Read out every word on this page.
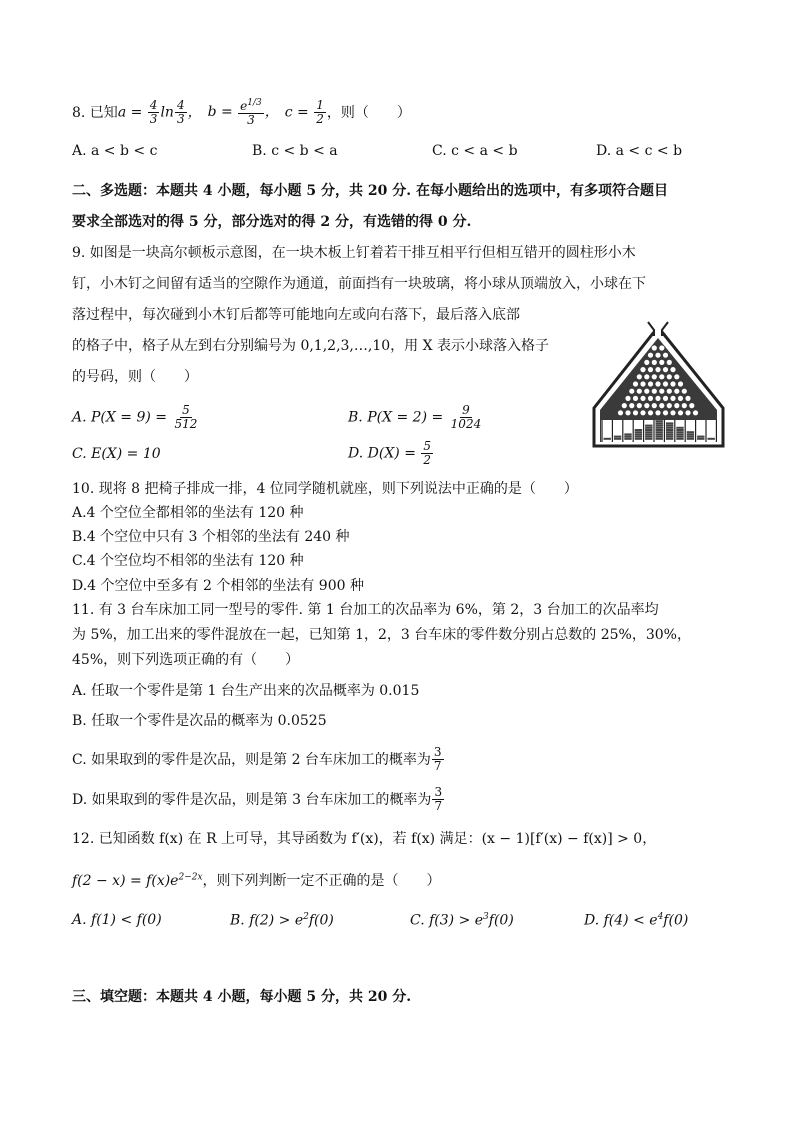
8. 已知 $a = \frac{4}{3}$ $\ln \frac{4}{3}$ ， $b = \frac{e^{1/3}}{3}$ ， $c = \frac{1}{2}$ ，则（　　）
A. a < b < c	B. c < b < a	C. c < a < b	D. a < c < b
二、多选题：本题共 4 小题，每小题 5 分，共 20 分. 在每小题给出的选项中，有多项符合题目
要求全部选对的得 5 分，部分选对的得 2 分，有选错的得 0 分.
9. 如图是一块高尔顿板示意图，在一块木板上钉着若干排互相平行但相互错开的圆柱形小木
钉，小木钉之间留有适当的空隙作为通道，前面挡有一块玻璃，将小球从顶端放入，小球在下
落过程中，每次碰到小木钉后都等可能地向左或向右落下，最后落入底部
的格子中，格子从左到右分别编号为 0,1,2,3,…,10，用 X 表示小球落入格子
的号码，则（　　）
A. $P(X = 9) = \frac{5}{512}$	B. $P(X = 2) = \frac{9}{1024}$
C. E(X) = 10	D. $D(X) = \frac{5}{2}$
10. 现将 8 把椅子排成一排，4 位同学随机就座，则下列说法中正确的是（　　）
A.4 个空位全都相邻的坐法有 120 种
B.4 个空位中只有 3 个相邻的坐法有 240 种
C.4 个空位均不相邻的坐法有 120 种
D.4 个空位中至多有 2 个相邻的坐法有 900 种
11. 有 3 台车床加工同一型号的零件. 第 1 台加工的次品率为 6%，第 2，3 台加工的次品率均
为 5%，加工出来的零件混放在一起，已知第 1，2，3 台车床的零件数分别占总数的 25%，30%，
45%，则下列选项正确的有（　　）
A. 任取一个零件是第 1 台生产出来的次品概率为 0.015
B. 任取一个零件是次品的概率为 0.0525
C. 如果取到的零件是次品，则是第 2 台车床加工的概率为
3
7
D. 如果取到的零件是次品，则是第 3 台车床加工的概率为
3
7
12. 已知函数 f(x) 在 R 上可导，其导函数为 f′(x)，若 f(x) 满足：(x − 1)[f′(x) − f(x)] > 0，
$f(2 - x) = f(x)e^{2-2x}$，则下列判断一定不正确的是（　　）
A. f(1) < f(0)	B. $f(2) > e^2f(0)$	C. $f(3) > e^3f(0)$	D. $f(4) < e^4f(0)$
三、填空题：本题共 4 小题，每小题 5 分，共 20 分.
